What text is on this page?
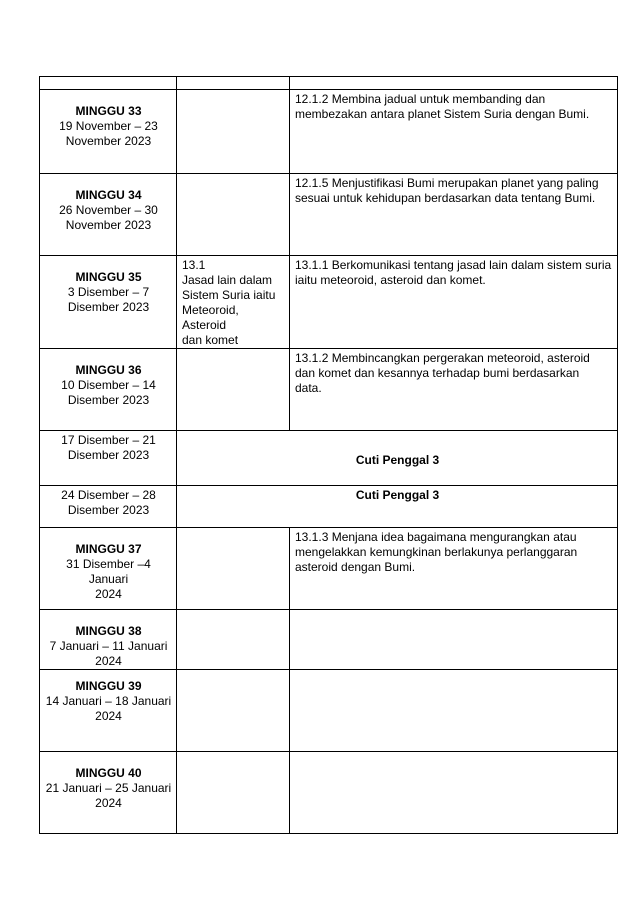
MINGGU 33
19 November – 23
November 2023		12.1.2 Membina jadual untuk membanding dan
membezakan antara planet Sistem Suria dengan Bumi.

MINGGU 34
26 November – 30
November 2023		12.1.5 Menjustifikasi Bumi merupakan planet yang paling
sesuai untuk kehidupan berdasarkan data tentang Bumi.

MINGGU 35
3 Disember – 7
Disember 2023	13.1
Jasad lain dalam
Sistem Suria iaitu
Meteoroid, Asteroid
dan komet	13.1.1 Berkomunikasi tentang jasad lain dalam sistem suria
iaitu meteoroid, asteroid dan komet.

MINGGU 36
10 Disember – 14
Disember 2023		13.1.2 Membincangkan pergerakan meteoroid, asteroid
dan komet dan kesannya terhadap bumi berdasarkan
data.
17 Disember – 21
Disember 2023	Cuti Penggal 3	
24 Disember – 28
Disember 2023	Cuti Penggal 3	

MINGGU 37
31 Disember –4 Januari
2024		13.1.3 Menjana idea bagaimana mengurangkan atau
mengelakkan kemungkinan berlakunya perlanggaran
asteroid dengan Bumi.

MINGGU 38
7 Januari – 11 Januari
2024		

MINGGU 39
14 Januari – 18 Januari
2024		

MINGGU 40
21 Januari – 25 Januari
2024		
